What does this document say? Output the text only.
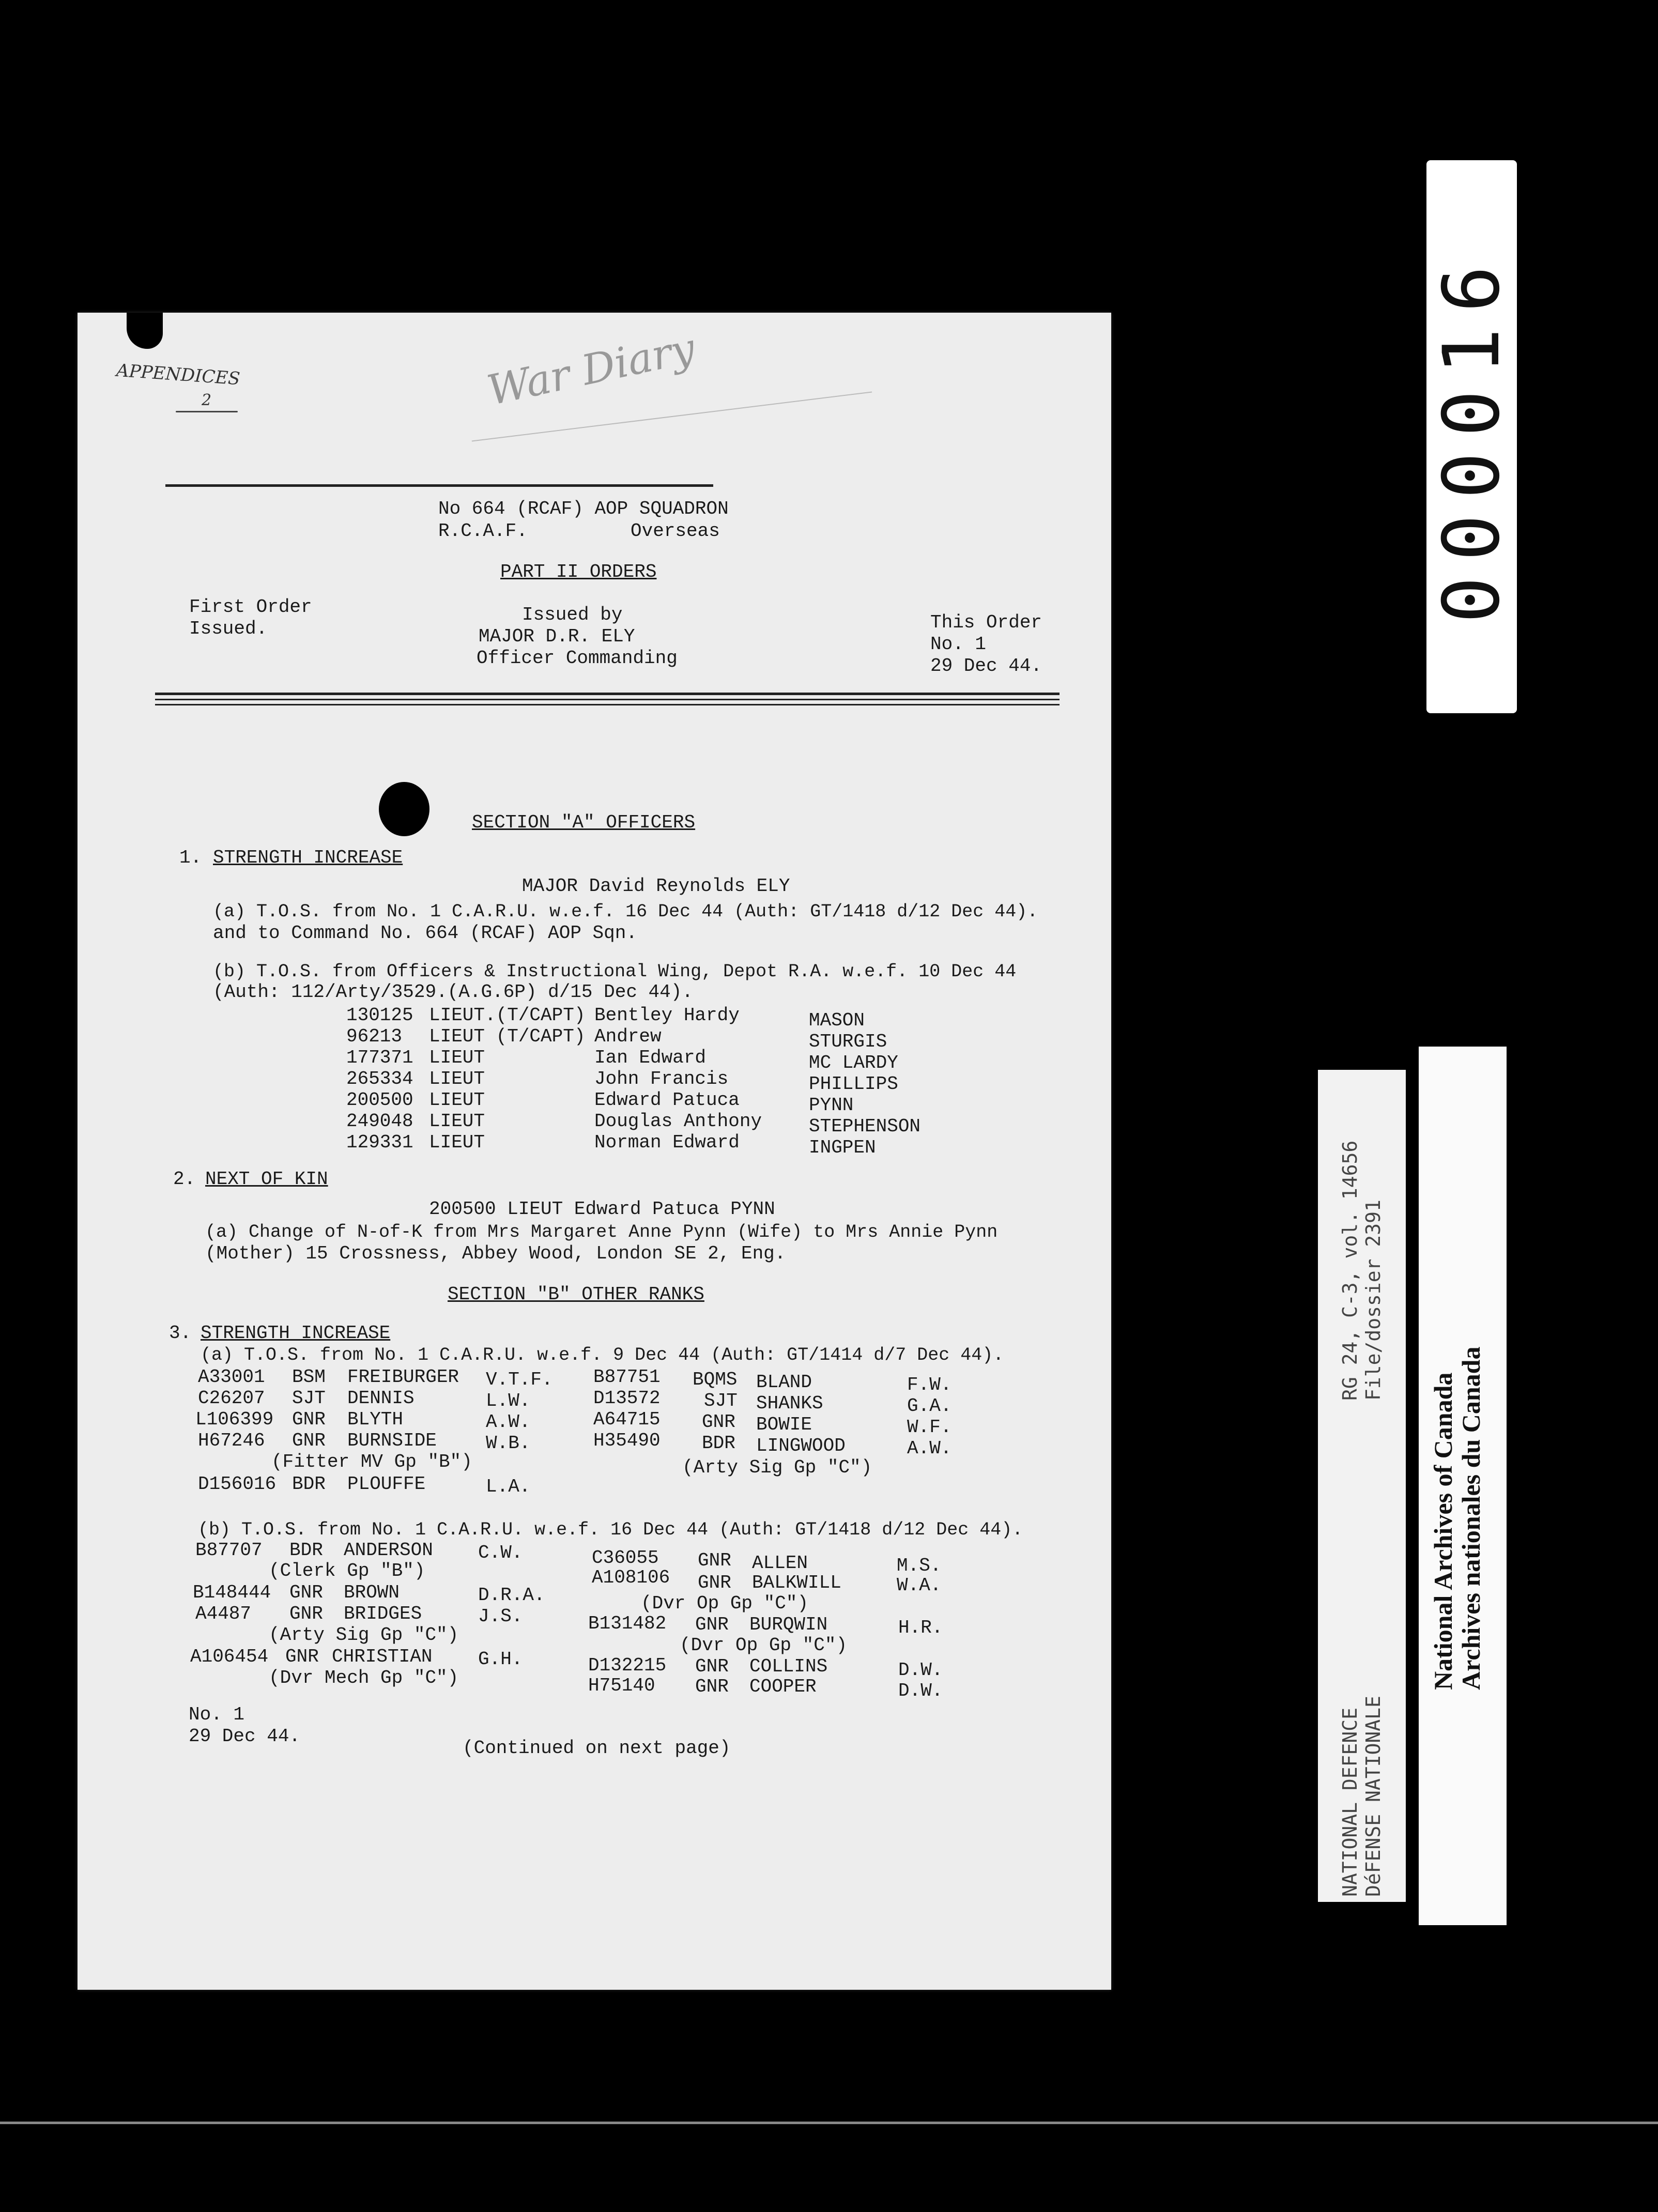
APPENDICES
2	War Diary
No 664 (RCAF) AOP SQUADRON
R.C.A.F.	Overseas
PART II ORDERS
First Order
Issued.
Issued by
MAJOR D.R. ELY
Officer Commanding
This Order
No. 1
29 Dec 44.
SECTION "A" OFFICERS
1. STRENGTH INCREASE
MAJOR David Reynolds ELY
(a) T.O.S. from No. 1 C.A.R.U. w.e.f. 16 Dec 44 (Auth: GT/1418 d/12 Dec 44).
and to Command No. 664 (RCAF) AOP Sqn.
(b) T.O.S. from Officers & Instructional Wing, Depot R.A. w.e.f. 10 Dec 44
(Auth: 112/Arty/3529.(A.G.6P) d/15 Dec 44).
130125 LIEUT.(T/CAPT) Bentley Hardy	MASON
96213 LIEUT (T/CAPT) Andrew	STURGIS
177371 LIEUT	Ian Edward	MC LARDY
265334 LIEUT	John Francis	PHILLIPS
200500 LIEUT	Edward Patuca	PYNN
249048 LIEUT	Douglas Anthony	STEPHENSON
129331 LIEUT	Norman Edward	INGPEN
2. NEXT OF KIN
200500 LIEUT Edward Patuca PYNN
(a) Change of N-of-K from Mrs Margaret Anne Pynn (Wife) to Mrs Annie Pynn
(Mother) 15 Crossness, Abbey Wood, London SE 2, Eng.
SECTION "B" OTHER RANKS
3. STRENGTH INCREASE
(a) T.O.S. from No. 1 C.A.R.U. w.e.f. 9 Dec 44 (Auth: GT/1414 d/7 Dec 44).
A33001 BSM FREIBURGER V.T.F.
C26207 SJT DENNIS	L.W.
L106399 GNR BLYTH	A.W.
H67246 GNR BURNSIDE	W.B.
(Fitter MV Gp "B")
D156016 BDR PLOUFFE	L.A.
B87751 BQMS BLAND	F.W.
D13572 SJT SHANKS	G.A.
A64715 GNR BOWIE	W.F.
H35490 BDR LINGWOOD	A.W.
(Arty Sig Gp "C")
(b) T.O.S. from No. 1 C.A.R.U. w.e.f. 16 Dec 44 (Auth: GT/1418 d/12 Dec 44).
B87707 BDR ANDERSON C.W.
(Clerk Gp "B")
B148444 GNR BROWN	D.R.A.
A4487 GNR BRIDGES	J.S.
(Arty Sig Gp "C")
A106454 GNR CHRISTIAN G.H.
(Dvr Mech Gp "C")
C36055 GNR ALLEN	M.S.
A108106 GNR BALKWILL	W.A.
(Dvr Op Gp "C")
B131482 GNR BURQWIN	H.R.
(Dvr Op Gp "C")
D132215 GNR COLLINS	D.W.
H75140 GNR COOPER	D.W.
No. 1
29 Dec 44.
(Continued on next page)
000016
RG 24, C-3, vol. 14656 File/dossier 2391
NATIONAL DEFENCE DéFENSE NATIONALE
National Archives of Canada
Archives nationales du Canada
